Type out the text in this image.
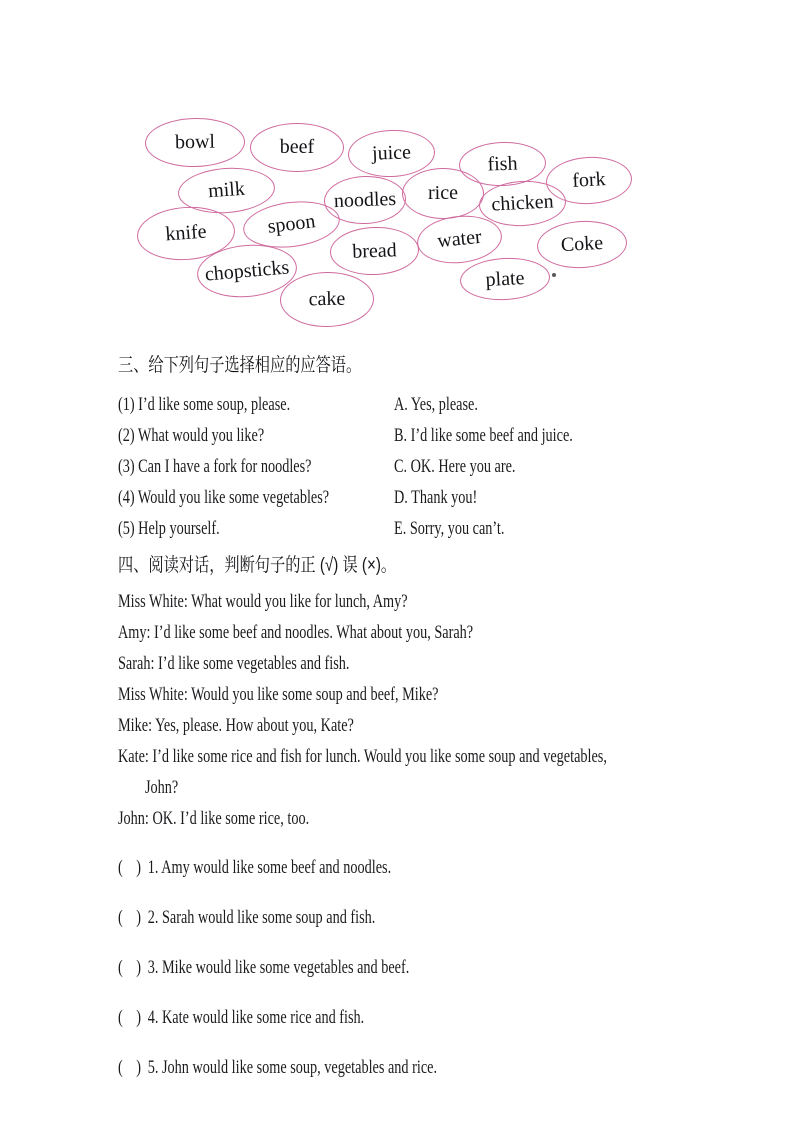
bowl	beef	juice	fish
fork
milk	noodles rice chicken
knife	spoon
water	Coke
chopsticks
bread
plate
cake
三、给下列句子选择相应的应答语。
(1) I’d like some soup, please.	A. Yes, please.
(2) What would you like?	B. I’d like some beef and juice.
(3) Can I have a fork for noodles?	C. OK. Here you are.
(4) Would you like some vegetables?	D. Thank you!
(5) Help yourself.	E. Sorry, you can’t.
四、阅读对话，判断句子的正 (√) 误 (×)。

Miss White: What would you like for lunch, Amy?

Amy: I’d like some beef and noodles. What about you, Sarah?

Sarah: I’d like some vegetables and fish.

Miss White: Would you like some soup and beef, Mike?

Mike: Yes, please. How about you, Kate?

Kate: I’d like some rice and fish for lunch. Would you like some soup and vegetables,

John?

John: OK. I’d like some rice, too.

( ) 1. Amy would like some beef and noodles.

( ) 2. Sarah would like some soup and fish.

( ) 3. Mike would like some vegetables and beef.

( ) 4. Kate would like some rice and fish.

( ) 5. John would like some soup, vegetables and rice.
